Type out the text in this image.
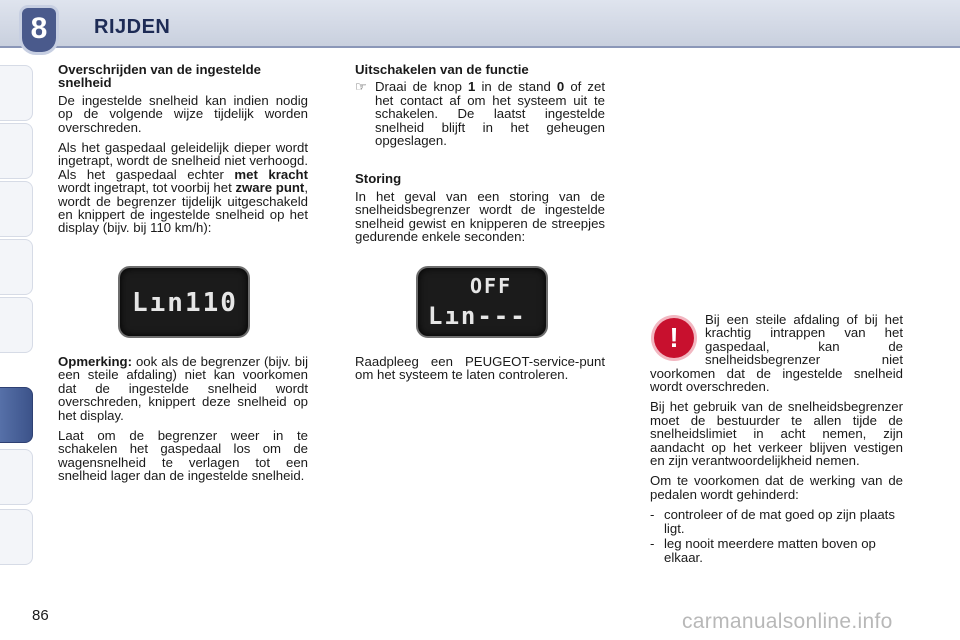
8	RIJDEN
Overschrijden van de ingestelde snelheid

De ingestelde snelheid kan indien nodig op de volgende wijze tijdelijk worden overschreden.

Als het gaspedaal geleidelijk dieper wordt ingetrapt, wordt de snelheid niet verhoogd. Als het gaspedaal echter met kracht wordt ingetrapt, tot voorbij het zware punt, wordt de begrenzer tijdelijk uitgeschakeld en knippert de ingestelde snelheid op het display (bijv. bij 110 km/h):

Lın110

Opmerking: ook als de begrenzer (bijv. bij een steile afdaling) niet kan voorkomen dat de ingestelde snelheid wordt overschreden, knippert deze snelheid op het display.

Laat om de begrenzer weer in te schakelen het gaspedaal los om de wagensnelheid te verlagen tot een snelheid lager dan de ingestelde snelheid.

Uitschakelen van de functie
☞ Draai de knop 1 in de stand 0 of zet het contact af om het systeem uit te schakelen. De laatst ingestelde snelheid blijft in het geheugen opgeslagen.

Storing

In het geval van een storing van de snelheidsbegrenzer wordt de ingestelde snelheid gewist en knipperen de streepjes gedurende enkele seconden:

OFF
Lın---

Raadpleeg een PEUGEOT-service-punt om het systeem te laten controleren.

!

Bij een steile afdaling of bij het krachtig intrappen van het gaspedaal, kan de snelheidsbegrenzer niet voorkomen dat de ingestelde snelheid wordt overschreden.

Bij het gebruik van de snelheidsbegrenzer moet de bestuurder te allen tijde de snelheidslimiet in acht nemen, zijn aandacht op het verkeer blijven vestigen en zijn verantwoordelijkheid nemen.

Om te voorkomen dat de werking van de pedalen wordt gehinderd:

- controleer of de mat goed op zijn plaats ligt.
- leg nooit meerdere matten boven op elkaar.
86	carmanualsonline.info
